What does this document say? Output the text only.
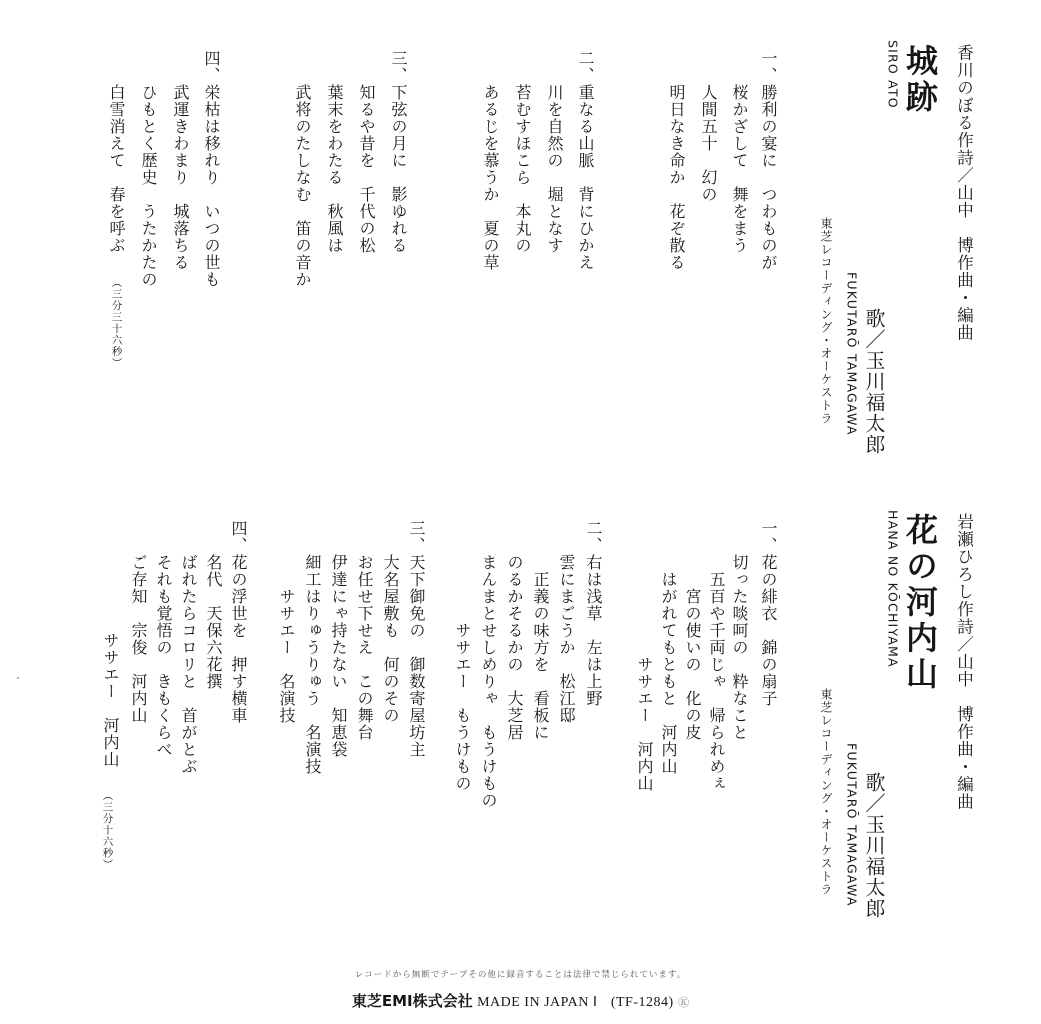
香川のぼる作詩／山中　博作曲・編曲
城跡
SIRO ATO
歌／玉川福太郎
FUKUTARŌ TAMAGAWA
東芝レコーディング・オーケストラ
一、勝利の宴に　つわものが
　　桜かざして　舞をまう
　　人間五十　幻の
　　明日なき命か　花ぞ散る
二、重なる山脈　背にひかえ
　　川を自然の　堀となす
　　苔むすほこら　本丸の
　　あるじを慕うか　夏の草
三、下弦の月に　影ゆれる
　　知るや昔を　千代の松
　　葉末をわたる　秋風は
　　武将のたしなむ　笛の音か
四、栄枯は移れり　いつの世も
　　武運きわまり　城落ちる
　　ひもとく歴史　うたかたの
　　白雪消えて　春を呼ぶ
（三分三十六秒）
岩瀬ひろし作詩／山中　博作曲・編曲
花の河内山
HANA NO KŌCHIYAMA
歌／玉川福太郎
FUKUTARŌ TAMAGAWA
東芝レコーディング・オーケストラ
一、花の緋衣　錦の扇子
　　切った啖呵の　粋なこと
　　　五百や千両じゃ　帰られめぇ
　　　　宮の使いの　化の皮
　　　はがれてもともと　河内山
　　　　　　　　ササエー　河内山
二、右は浅草　左は上野
　　雲にまごうか　松江邸
　　　正義の味方を　看板に
　　のるかそるかの　大芝居
　　まんまとせしめりゃ　もうけもの
　　　　　　ササエー　もうけもの
三、天下御免の　御数寄屋坊主
　　大名屋敷も　何のその
　　お任せ下せえ　この舞台
　　伊達にゃ持たない　知恵袋
　　細工はりゅうりゅう　名演技
　　　　ササエー　名演技
四、花の浮世を　押す横車
　　名代　天保六花撰
　　ばれたらコロリと　首がとぶ
　　それも覚悟の　きもくらべ
　　ご存知　宗俊　河内山
　ササエー　河内山
（三分十六秒）
レコードから無断でテープその他に録音することは法律で禁じられています。
東芝EMI株式会社 MADE IN JAPAN Ⅰ (TF-1284) Ⓚ
